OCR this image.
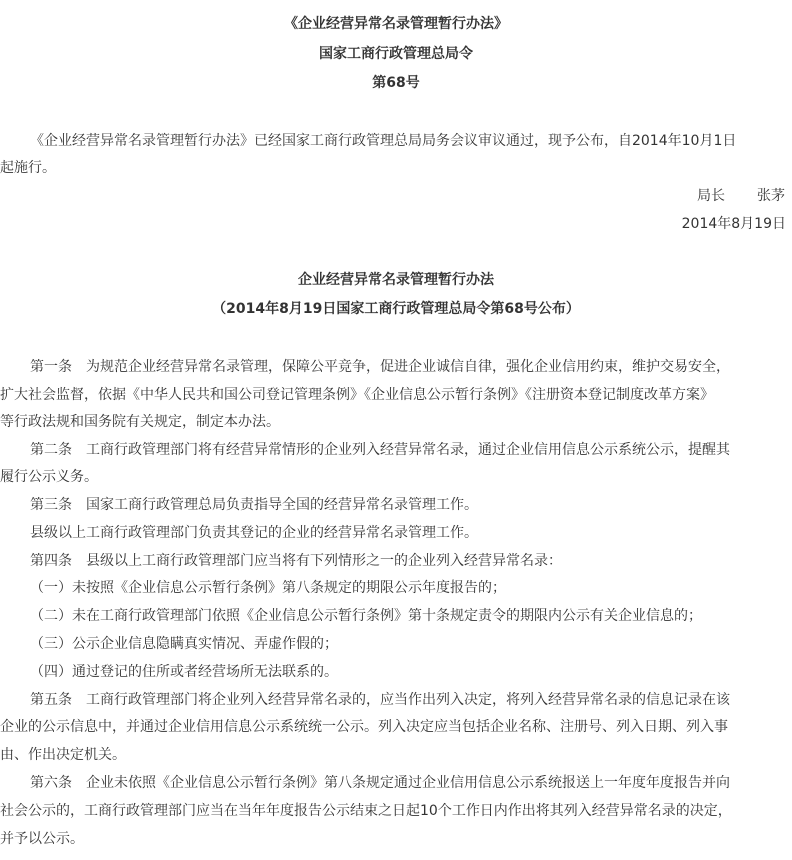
《企业经营异常名录管理暂行办法》
国家工商行政管理总局令
第68号
《企业经营异常名录管理暂行办法》已经国家工商行政管理总局局务会议审议通过，现予公布，自2014年10月1日
起施行。
局长 张茅
2014年8月19日
企业经营异常名录管理暂行办法
（2014年8月19日国家工商行政管理总局令第68号公布）
第一条　为规范企业经营异常名录管理，保障公平竞争，促进企业诚信自律，强化企业信用约束，维护交易安全，
扩大社会监督，依据《中华人民共和国公司登记管理条例》《企业信息公示暂行条例》《注册资本登记制度改革方案》
等行政法规和国务院有关规定，制定本办法。
第二条　工商行政管理部门将有经营异常情形的企业列入经营异常名录，通过企业信用信息公示系统公示，提醒其
履行公示义务。
第三条　国家工商行政管理总局负责指导全国的经营异常名录管理工作。
县级以上工商行政管理部门负责其登记的企业的经营异常名录管理工作。
第四条　县级以上工商行政管理部门应当将有下列情形之一的企业列入经营异常名录：
（一）未按照《企业信息公示暂行条例》第八条规定的期限公示年度报告的；
（二）未在工商行政管理部门依照《企业信息公示暂行条例》第十条规定责令的期限内公示有关企业信息的；
（三）公示企业信息隐瞒真实情况、弄虚作假的；
（四）通过登记的住所或者经营场所无法联系的。
第五条　工商行政管理部门将企业列入经营异常名录的，应当作出列入决定，将列入经营异常名录的信息记录在该
企业的公示信息中，并通过企业信用信息公示系统统一公示。列入决定应当包括企业名称、注册号、列入日期、列入事
由、作出决定机关。
第六条　企业未依照《企业信息公示暂行条例》第八条规定通过企业信用信息公示系统报送上一年度年度报告并向
社会公示的，工商行政管理部门应当在当年年度报告公示结束之日起10个工作日内作出将其列入经营异常名录的决定，
并予以公示。
